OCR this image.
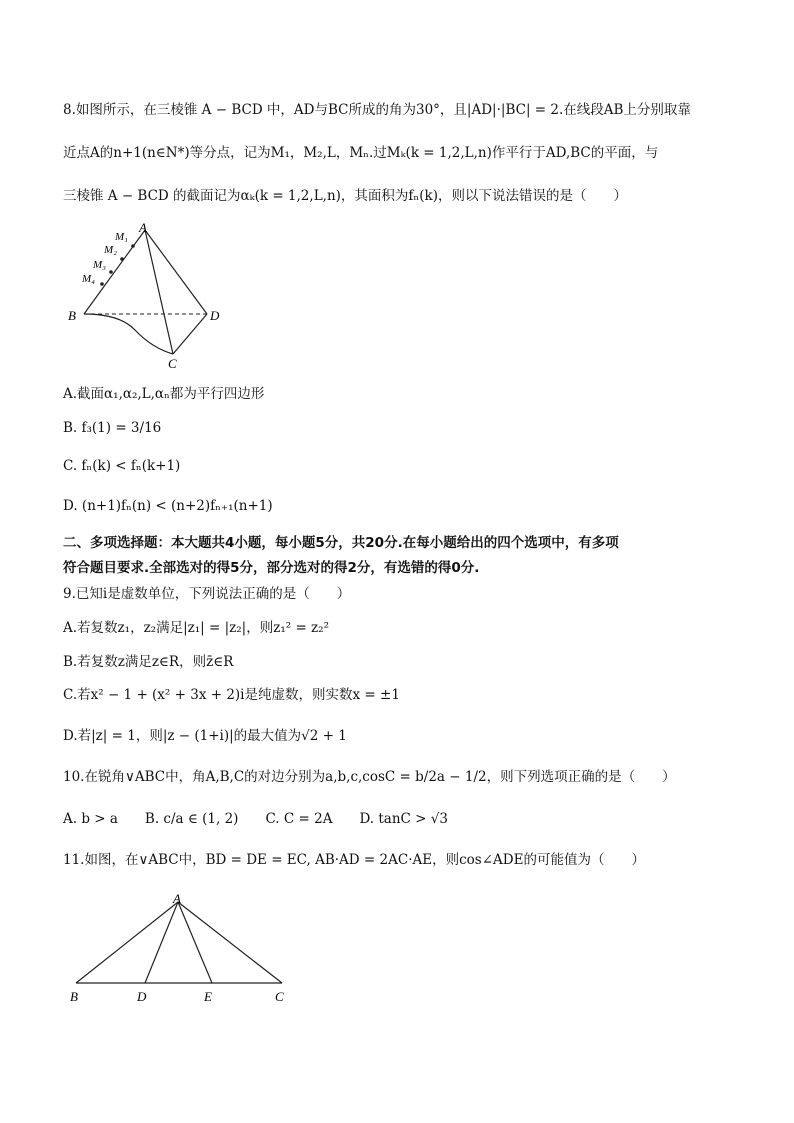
8.如图所示，在三棱锥 A − BCD 中，AD与BC所成的角为30°，且|AD|·|BC| = 2.在线段AB上分别取靠
近点A的n+1(n∈N*)等分点，记为M₁，M₂,L，Mₙ.过Mₖ(k = 1,2,L,n)作平行于AD,BC的平面，与
三棱锥 A − BCD 的截面记为αₖ(k = 1,2,L,n)，其面积为fₙ(k)，则以下说法错误的是（　　）
A
B
C
D
M₁
M₂
M₃
M₄
A.截面α₁,α₂,L,αₙ都为平行四边形
B. f₃(1) = 3/16
C. fₙ(k) < fₙ(k+1)
D. (n+1)fₙ(n) < (n+2)fₙ₊₁(n+1)
二、多项选择题：本大题共4小题，每小题5分，共20分.在每小题给出的四个选项中，有多项
符合题目要求.全部选对的得5分，部分选对的得2分，有选错的得0分.
9.已知i是虚数单位，下列说法正确的是（　　）
A.若复数z₁，z₂满足|z₁| = |z₂|，则z₁² = z₂²
B.若复数z满足z∈R，则z̄∈R
C.若x² − 1 + (x² + 3x + 2)i是纯虚数，则实数x = ±1
D.若|z| = 1，则|z − (1+i)|的最大值为√2 + 1
10.在锐角∨ABC中，角A,B,C的对边分别为a,b,c,cosC = b/2a − 1/2，则下列选项正确的是（　　）
A. b > a　　B. c/a ∈ (1, 2)　　C. C = 2A　　D. tanC > √3
11.如图，在∨ABC中，BD = DE = EC, AB·AD = 2AC·AE，则cos∠ADE的可能值为（　　）
A
B	D	E	C
